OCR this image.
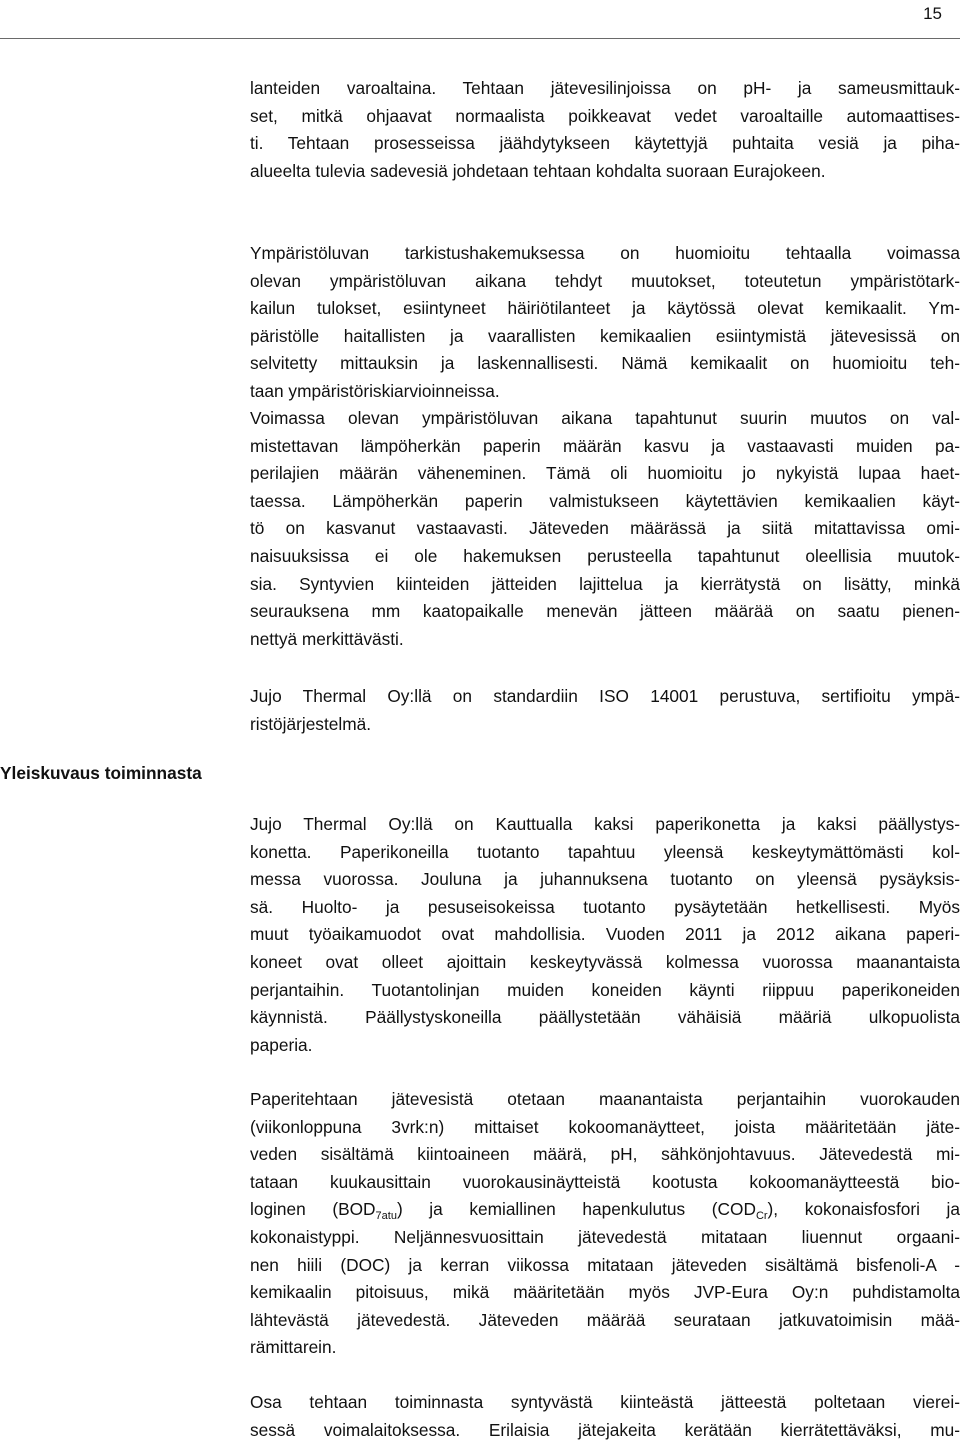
15
Yleiskuvaus toiminnasta
lanteiden varoaltaina. Tehtaan jätevesilinjoissa on pH- ja sameusmittauk-
set, mitkä ohjaavat normaalista poikkeavat vedet varoaltaille automaattises-
ti. Tehtaan prosesseissa jäähdytykseen käytettyjä puhtaita vesiä ja piha-
alueelta tulevia sadevesiä johdetaan tehtaan kohdalta suoraan Eurajokeen.
Ympäristöluvan tarkistushakemuksessa on huomioitu tehtaalla voimassa
olevan ympäristöluvan aikana tehdyt muutokset, toteutetun ympäristötark-
kailun tulokset, esiintyneet häiriötilanteet ja käytössä olevat kemikaalit. Ym-
päristölle haitallisten ja vaarallisten kemikaalien esiintymistä jätevesissä on
selvitetty mittauksin ja laskennallisesti. Nämä kemikaalit on huomioitu teh-
taan ympäristöriskiarvioinneissa.
Voimassa olevan ympäristöluvan aikana tapahtunut suurin muutos on val-
mistettavan lämpöherkän paperin määrän kasvu ja vastaavasti muiden pa-
perilajien määrän väheneminen. Tämä oli huomioitu jo nykyistä lupaa haet-
taessa. Lämpöherkän paperin valmistukseen käytettävien kemikaalien käyt-
tö on kasvanut vastaavasti. Jäteveden määrässä ja siitä mitattavissa omi-
naisuuksissa ei ole hakemuksen perusteella tapahtunut oleellisia muutok-
sia. Syntyvien kiinteiden jätteiden lajittelua ja kierrätystä on lisätty, minkä
seurauksena mm kaatopaikalle menevän jätteen määrää on saatu pienen-
nettyä merkittävästi.
Jujo Thermal Oy:llä on standardiin ISO 14001 perustuva, sertifioitu ympä-
ristöjärjestelmä.
Jujo Thermal Oy:llä on Kauttualla kaksi paperikonetta ja kaksi päällystys-
konetta. Paperikoneilla tuotanto tapahtuu yleensä keskeytymättömästi kol-
messa vuorossa. Jouluna ja juhannuksena tuotanto on yleensä pysäyksis-
sä. Huolto- ja pesuseisokeissa tuotanto pysäytetään hetkellisesti. Myös
muut työaikamuodot ovat mahdollisia. Vuoden 2011 ja 2012 aikana paperi-
koneet ovat olleet ajoittain keskeytyvässä kolmessa vuorossa maanantaista
perjantaihin. Tuotantolinjan muiden koneiden käynti riippuu paperikoneiden
käynnistä. Päällystyskoneilla päällystetään vähäisiä määriä ulkopuolista
paperia.
Paperitehtaan jätevesistä otetaan maanantaista perjantaihin vuorokauden
(viikonloppuna 3vrk:n) mittaiset kokoomanäytteet, joista määritetään jäte-
veden sisältämä kiintoaineen määrä, pH, sähkönjohtavuus. Jätevedestä mi-
tataan kuukausittain vuorokausinäytteistä kootusta kokoomanäytteestä bio-
loginen $(BOD_{7atu})$ ja kemiallinen hapenkulutus $(COD_{Cr})$, kokonaisfosfori ja
kokonaistyppi. Neljännesvuosittain jätevedestä mitataan liuennut orgaani-
nen hiili (DOC) ja kerran viikossa mitataan jäteveden sisältämä bisfenoli-A -
kemikaalin pitoisuus, mikä määritetään myös JVP-Eura Oy:n puhdistamolta
lähtevästä jätevedestä. Jäteveden määrää seurataan jatkuvatoimisin mää-
rämittarein.
Osa tehtaan toiminnasta syntyvästä kiinteästä jätteestä poltetaan vierei-
sessä voimalaitoksessa. Erilaisia jätejakeita kerätään kierrätettäväksi, mu-
